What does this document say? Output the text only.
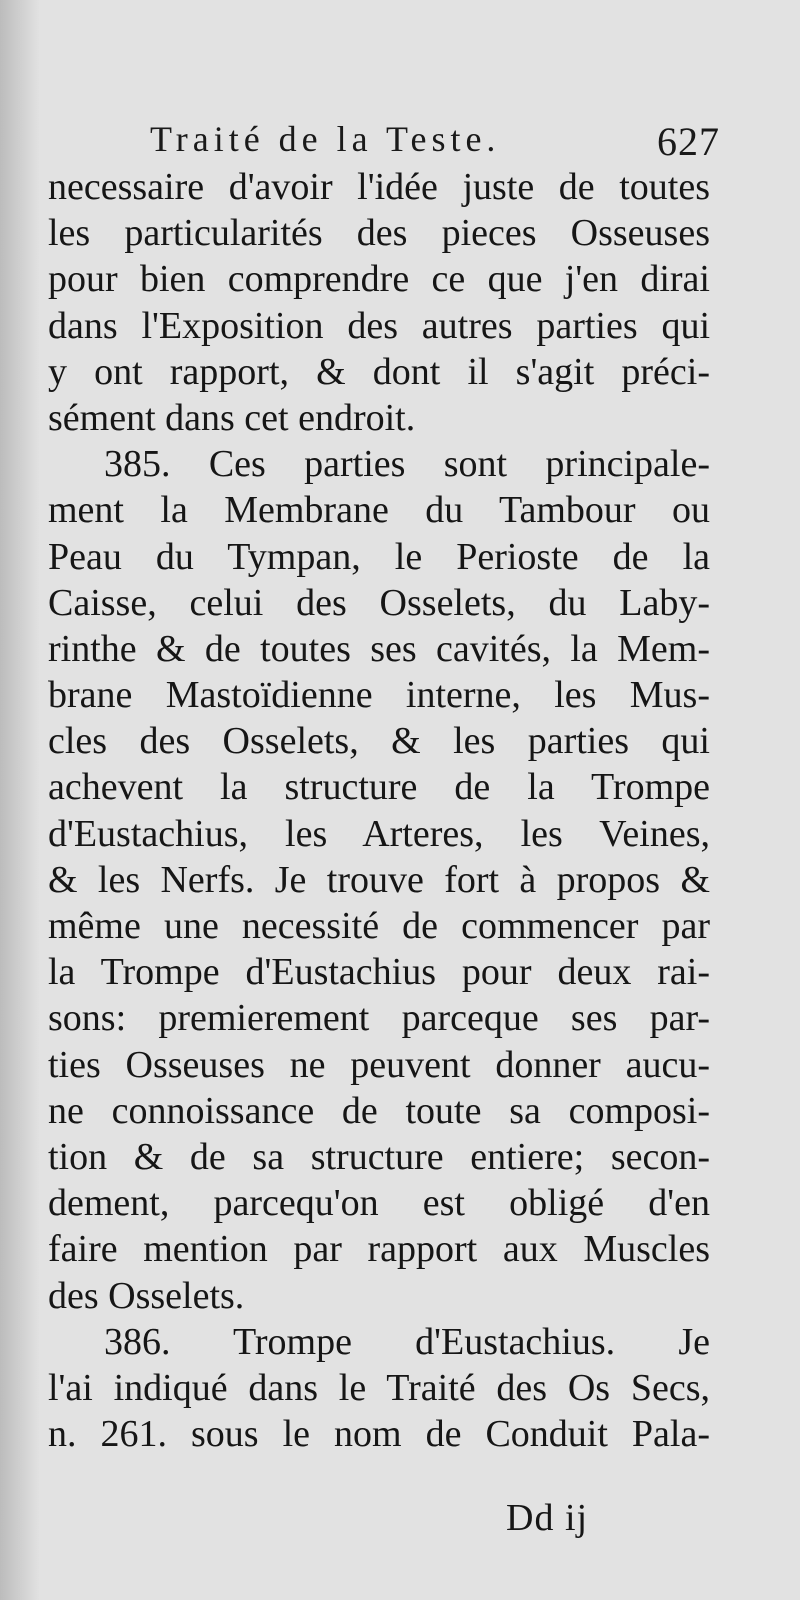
Traité de la Teste.	627
necessaire d'avoir l'idée juste de toutes
les particularités des pieces Osseuses
pour bien comprendre ce que j'en dirai
dans l'Exposition des autres parties qui
y ont rapport, & dont il s'agit préci-
sément dans cet endroit.
385. Ces parties sont principale-
ment la Membrane du Tambour ou
Peau du Tympan, le Perioste de la
Caisse, celui des Osselets, du Laby-
rinthe & de toutes ses cavités, la Mem-
brane Mastoïdienne interne, les Mus-
cles des Osselets, & les parties qui
achevent la structure de la Trompe
d'Eustachius, les Arteres, les Veines,
& les Nerfs. Je trouve fort à propos &
même une necessité de commencer par
la Trompe d'Eustachius pour deux rai-
sons: premierement parceque ses par-
ties Osseuses ne peuvent donner aucu-
ne connoissance de toute sa composi-
tion & de sa structure entiere; secon-
dement, parcequ'on est obligé d'en
faire mention par rapport aux Muscles
des Osselets.
386. Trompe d'Eustachius. Je
l'ai indiqué dans le Traité des Os Secs,
n. 261. sous le nom de Conduit Pala-
Dd ij
